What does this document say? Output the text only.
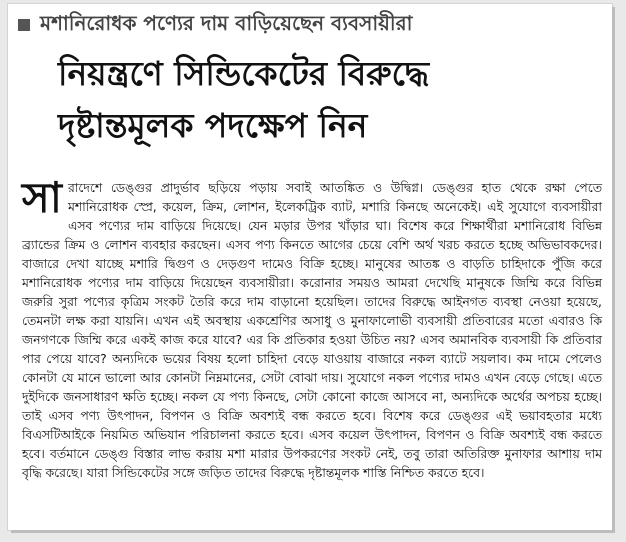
মশানিরোধক পণ্যের দাম বাড়িয়েছেন ব্যবসায়ীরা
নিয়ন্ত্রণে সিন্ডিকেটের বিরুদ্ধে
দৃষ্টান্তমূলক পদক্ষেপ নিন
সা রাদেশে ডেঙ্গুর প্রাদুর্ভাব ছড়িয়ে পড়ায় সবাই আতঙ্কিত ও উদ্বিগ্ন। ডেঙ্গুর হাত থেকে রক্ষা পেতে মশানিরোধক স্প্রে, কয়েল, ক্রিম, লোশন, ইলেকট্রিক ব্যাট, মশারি কিনছে অনেকেই। এই সুযোগে ব্যবসায়ীরা এসব পণ্যের দাম বাড়িয়ে দিয়েছে। যেন মড়ার উপর খাঁড়ার ঘা। বিশেষ করে শিক্ষার্থীরা মশানিরোধ বিভিন্ন ব্র্যান্ডের ক্রিম ও লোশন ব্যবহার করছেন। এসব পণ্য কিনতে আগের চেয়ে বেশি অর্থ খরচ করতে হচ্ছে অভিভাবকদের। বাজারে দেখা যাচ্ছে মশারি দ্বিগুণ ও দেড়গুণ দামেও বিক্রি হচ্ছে। মানুষের আতঙ্ক ও বাড়তি চাহিদাকে পুঁজি করে মশানিরোধক পণ্যের দাম বাড়িয়ে দিয়েছেন ব্যবসায়ীরা। করোনার সময়ও আমরা দেখেছি মানুষকে জিম্মি করে বিভিন্ন জরুরি সুরা পণ্যের কৃত্রিম সংকট তৈরি করে দাম বাড়ানো হয়েছিল। তাদের বিরুদ্ধে আইনগত ব্যবস্থা নেওয়া হয়েছে, তেমনটা লক্ষ করা যায়নি। এখন এই অবস্থায় একশ্রেণির অসাধু ও মুনাফালোভী ব্যবসায়ী প্রতিবারের মতো এবারও কি জনগণকে জিম্মি করে একই কাজ করে যাবে? এর কি প্রতিকার হওয়া উচিত নয়? এসব অমানবিক ব্যবসায়ী কি প্রতিবার পার পেয়ে যাবে? অন্যদিকে ভয়ের বিষয় হলো চাহিদা বেড়ে যাওয়ায় বাজারে নকল ব্যাটে সয়লাব। কম দামে পেলেও কোনটা যে মানে ভালো আর কোনটা নিম্নমানের, সেটা বোঝা দায়। সুযোগে নকল পণ্যের দামও এখন বেড়ে গেছে। এতে দুইদিকে জনসাধারণ ক্ষতি হচ্ছে। নকল যে পণ্য কিনছে, সেটা কোনো কাজে আসবে না, অন্যদিকে অর্থের অপচয় হচ্ছে। তাই এসব পণ্য উৎপাদন, বিপণন ও বিক্রি অবশ্যই বন্ধ করতে হবে। বিশেষ করে ডেঙ্গুর এই ভয়াবহতার মধ্যে বিএসটিআইকে নিয়মিত অভিযান পরিচালনা করতে হবে। এসব কয়েল উৎপাদন, বিপণন ও বিক্রি অবশ্যই বন্ধ করতে হবে। বর্তমানে ডেঙ্গু বিস্তার লাভ করায় মশা মারার উপকরণের সংকট নেই, তবু তারা অতিরিক্ত মুনাফার আশায় দাম বৃদ্ধি করেছে। যারা সিন্ডিকেটের সঙ্গে জড়িত তাদের বিরুদ্ধে দৃষ্টান্তমূলক শাস্তি নিশ্চিত করতে হবে।
